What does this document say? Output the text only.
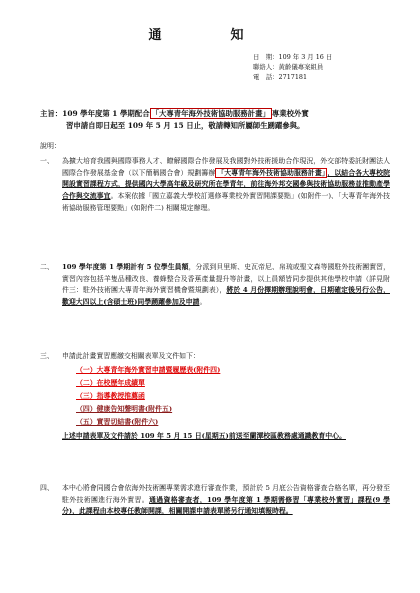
通　知
日　期：109 年 3 月 16 日
聯絡人：黃齡儀專案組員
電　話：2717181
主旨：109 學年度第 1 學期配合 「大專青年海外技術協助服務計畫」 專業校外實
習申請自即日起至 109 年 5 月 15 日止，敬請轉知所屬師生踴躍參與。
說明：
一、 為擴大培育我國與國際事務人才、瞭解國際合作發展及我國對外技術援助合作現況，外交部特委託財團法人國際合作發展基金會（以下簡稱國合會）規劃籌辦 「大專青年海外技術協助服務計畫」 ，以結合各大專校院開設實習課程方式，提供國內大學高年級及研究所在學青年，前往海外邦交國參與技術協助服務並推動產學合作與交流事宜。本案依據「國立嘉義大學校訂選修專業校外實習開課要點」(如附件一)、「大專青年海外技術協助服務管理要點」(如附件二) 相關規定辦理。
二、 109 學年度第 1 學期計有 5 位學生員額，分派到貝里斯、史瓦帝尼、帛琉或聖文森等國駐外技術團實習，實習內容包括羊隻品種改良、養蜂整合及香蕉產量提升等計畫，以上員額皆同步提供其他學校申請（詳見附件三：駐外技術團大專青年海外實習機會暨規劃表），將於 4 月份擇期辦理說明會，日期確定後另行公告，歡迎大四以上(含碩士班)同學踴躍參加及申請。
三、 申請此計畫實習應繳交相關表單及文件如下：
（一）大專青年海外實習申請暨履歷表(附件四)
（二）在校歷年成績單
（三）指導教授推薦函
（四）健康告知聲明書(附件五)
（五）實習切結書(附件六)
上述申請表單及文件請於 109 年 5 月 15 日(星期五)前送至蘭潭校區教務處通識教育中心。
四、 本中心將會同國合會依海外技術團專業需求進行審查作業，預計於 5 月底公告資格審查合格名單，再分發至駐外技術團進行海外實習。通過資格審查者，109 學年度第 1 學期需修習「專業校外實習」課程(9 學分)，此課程由本校專任教師開課，相關開課申請表單將另行通知填報時程。
